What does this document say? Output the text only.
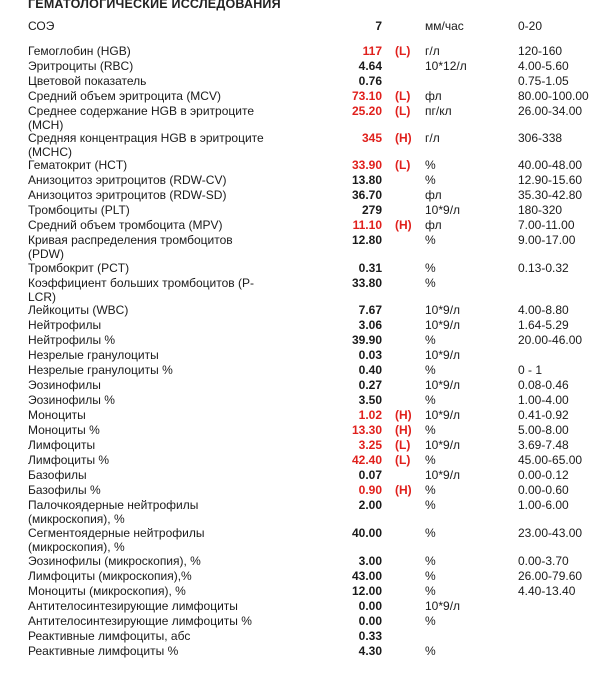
ГЕМАТОЛОГИЧЕСКИЕ ИССЛЕДОВАНИЯ
СОЭ	7	мм/час	0-20
Гемоглобин (HGB)	117 (L) г/л	120-160
Эритроциты (RBC)	4.64	10*12/л	4.00-5.60
Цветовой показатель	0.76	0.75-1.05
Средний объем эритроцита (MCV)	73.10 (L) фл	80.00-100.00
Среднее содержание HGB в эритроците (MCH)
25.20 (L) пг/кл	26.00-34.00
Средняя концентрация HGB в эритроците (MCHC)
345 (H) г/л	306-338
Гематокрит (HCT)	33.90 (L) %	40.00-48.00
Анизоцитоз эритроцитов (RDW-CV)	13.80	%	12.90-15.60
Анизоцитоз эритроцитов (RDW-SD)	36.70	фл	35.30-42.80
Тромбоциты (PLT)	279	10*9/л	180-320
Средний объем тромбоцита (MPV)	11.10 (H) фл	7.00-11.00
Кривая распределения тромбоцитов (PDW)
12.80	%	9.00-17.00
Тромбокрит (PCT)	0.31	%	0.13-0.32
Коэффициент больших тромбоцитов (P-LCR)
33.80	%
Лейкоциты (WBC)	7.67	10*9/л	4.00-8.80
Нейтрофилы	3.06	10*9/л	1.64-5.29
Нейтрофилы %	39.90	%	20.00-46.00
Незрелые гранулоциты	0.03	10*9/л
Незрелые гранулоциты %	0.40	%	0 - 1
Эозинофилы	0.27	10*9/л	0.08-0.46
Эозинофилы %	3.50	%	1.00-4.00
Моноциты	1.02 (H) 10*9/л	0.41-0.92
Моноциты %	13.30 (H) %	5.00-8.00
Лимфоциты	3.25 (L) 10*9/л	3.69-7.48
Лимфоциты %	42.40 (L) %	45.00-65.00
Базофилы	0.07	10*9/л	0.00-0.12
Базофилы %	0.90 (H) %	0.00-0.60
Палочкоядерные нейтрофилы (микроскопия), %
2.00	%	1.00-6.00
Сегментоядерные нейтрофилы (микроскопия), %
40.00	%	23.00-43.00
Эозинофилы (микроскопия), %	3.00	%	0.00-3.70
Лимфоциты (микроскопия),%	43.00	%	26.00-79.60
Моноциты (микроскопия), %	12.00	%	4.40-13.40
Антителосинтезирующие лимфоциты	0.00	10*9/л
Антителосинтезирующие лимфоциты %	0.00	%
Реактивные лимфоциты, абс	0.33
Реактивные лимфоциты %	4.30	%
